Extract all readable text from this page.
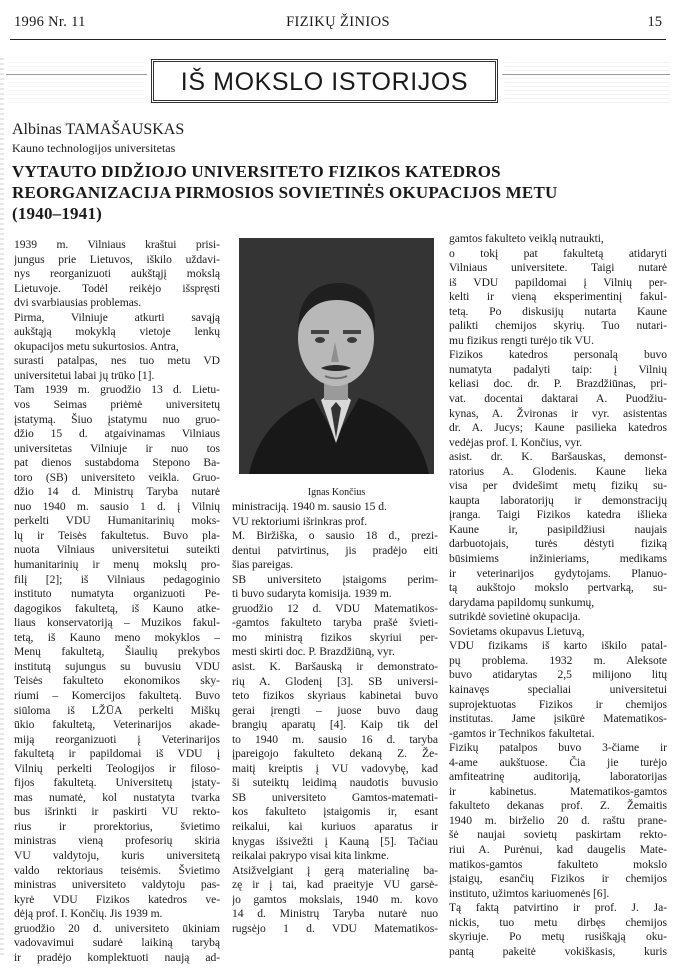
1996 Nr. 11	FIZIKŲ ŽINIOS	15
IŠ MOKSLO ISTORIJOS
Albinas TAMAŠAUSKAS
Kauno technologijos universitetas
VYTAUTO DIDŽIOJO UNIVERSITETO FIZIKOS KATEDROS
REORGANIZACIJA PIRMOSIOS SOVIETINĖS OKUPACIJOS METU
(1940–1941)
1939 m. Vilniaus kraštui prisi-
jungus prie Lietuvos, iškilo uždavi-
nys reorganizuoti aukštąjį mokslą
Lietuvoje. Todėl reikėjo išspręsti
dvi svarbiausias problemas.
Pirma, Vilniuje atkurti savąją
aukštąją mokyklą vietoje lenkų
okupacijos metu sukurtosios. Antra,
surasti patalpas, nes tuo metu VD
universitetui labai jų trūko [1].
Tam 1939 m. gruodžio 13 d. Lietu-
vos Seimas priėmė universitetų
įstatymą. Šiuo įstatymu nuo gruo-
džio 15 d. atgaivinamas Vilniaus
universitetas Vilniuje ir nuo tos
pat dienos sustabdoma Stepono Ba-
toro (SB) universiteto veikla. Gruo-
džio 14 d. Ministrų Taryba nutarė
nuo 1940 m. sausio 1 d. į Vilnių
perkelti VDU Humanitarinių moks-
lų ir Teisės fakultetus. Buvo pla-
nuota Vilniaus universitetui suteikti
humanitarinių ir menų mokslų pro-
filį [2]; iš Vilniaus pedagoginio
instituto numatyta organizuoti Pe-
dagogikos fakultetą, iš Kauno atke-
liaus konservatoriją – Muzikos fakul-
tetą, iš Kauno meno mokyklos –
Menų fakultetą, Šiaulių prekybos
institutą sujungus su buvusiu VDU
Teisės fakulteto ekonomikos sky-
riumi – Komercijos fakultetą. Buvo
siūloma iš LŽŪA perkelti Miškų
ūkio fakultetą, Veterinarijos akade-
miją reorganizuoti į Veterinarijos
fakultetą ir papildomai iš VDU į
Vilnių perkelti Teologijos ir filoso-
fijos fakultetą. Universitetų įstaty-
mas numatė, kol nustatyta tvarka
bus išrinkti ir paskirti VU rekto-
rius ir prorektorius, švietimo
ministras vieną profesorių skiria
VU valdytoju, kuris universitetą
valdo rektoriaus teisėmis. Švietimo
ministras universiteto valdytoju pas-
kyrė VDU Fizikos katedros ve-
dėją prof. I. Končių. Jis 1939 m.
gruodžio 20 d. universiteto ūkiniam
vadovavimui sudarė laikiną tarybą
ir pradėjo komplektuoti naują ad-
Ignas Končius
ministraciją. 1940 m. sausio 15 d.
VU rektoriumi išrinkras prof.
M. Biržiška, o sausio 18 d., prezi-
dentui patvirtinus, jis pradėjo eiti
šias pareigas.
SB universiteto įstaigoms perim-
ti buvo sudaryta komisija. 1939 m.
gruodžio 12 d. VDU Matematikos-
-gamtos fakulteto taryba prašė švieti-
mo ministrą fizikos skyriui per-
mesti skirti doc. P. Brazdžiūną, vyr.
asist. K. Baršauską ir demonstrato-
rių A. Glodenį [3]. SB universi-
teto fizikos skyriaus kabinetai buvo
gerai įrengti – juose buvo daug
brangių aparatų [4]. Kaip tik del
to 1940 m. sausio 16 d. taryba
įpareigojo fakulteto dekaną Z. Že-
maitį kreiptis į VU vadovybę, kad
ši suteiktų leidimą naudotis buvusio
SB universiteto Gamtos-matemati-
kos fakulteto įstaigomis ir, esant
reikalui, kai kuriuos aparatus ir
knygas išsivežti į Kauną [5]. Tačiau
reikalai pakrypo visai kita linkme.
Atsižvelgiant į gerą materialinę ba-
zę ir į tai, kad praeityje VU garsė-
jo gamtos mokslais, 1940 m. kovo
14 d. Ministrų Taryba nutarė nuo
rugsėjo 1 d. VDU Matematikos-
gamtos fakulteto veiklą nutraukti,
o tokį pat fakultetą atidaryti
Vilniaus universitete. Taigi nutarė
iš VDU papildomai į Vilnių per-
kelti ir vieną eksperimentinį fakul-
tetą. Po diskusijų nutarta Kaune
palikti chemijos skyrių. Tuo nutari-
mu fizikus rengti turėjo tik VU.
Fizikos katedros personalą buvo
numatyta padalyti taip: į Vilnių
keliasi doc. dr. P. Brazdžiūnas, pri-
vat. docentai daktarai A. Puodžiu-
kynas, A. Žvironas ir vyr. asistentas
dr. A. Jucys; Kaune pasilieka katedros
vedėjas prof. I. Končius, vyr.
asist. dr. K. Baršauskas, demonst-
ratorius A. Glodenis. Kaune lieka
visa per dvidešimt metų fizikų su-
kaupta laboratorijų ir demonstracijų
įranga. Taigi Fizikos katedra išlieka
Kaune ir, pasipildžiusi naujais
darbuotojais, turės dėstyti fiziką
būsimiems inžinieriams, medikams
ir veterinarijos gydytojams. Planuo-
tą aukštojo mokslo pertvarką, su-
darydama papildomų sunkumų,
sutrikdė sovietinė okupacija.
Sovietams okupavus Lietuvą,
VDU fizikams iš karto iškilo patal-
pų problema. 1932 m. Aleksote
buvo atidarytas 2,5 milijono litų
kainavęs specialiai universitetui
suprojektuotas Fizikos ir chemijos
institutas. Jame įsikūrė Matematikos-
-gamtos ir Technikos fakultetai.
Fizikų patalpos buvo 3-čiame ir
4-ame aukštuose. Čia jie turėjo
amfiteatrinę auditoriją, laboratorijas
ir kabinetus. Matematikos-gamtos
fakulteto dekanas prof. Z. Žemaitis
1940 m. birželio 20 d. raštu prane-
šė naujai sovietų paskirtam rekto-
riui A. Purėnui, kad daugelis Mate-
matikos-gamtos fakulteto mokslo
įstaigų, esančių Fizikos ir chemijos
instituto, užimtos kariuomenės [6].
Tą faktą patvirtino ir prof. J. Ja-
nickis, tuo metu dirbęs chemijos
skyriuje. Po metų rusiškąją oku-
pantą pakeitė vokiškasis, kuris
